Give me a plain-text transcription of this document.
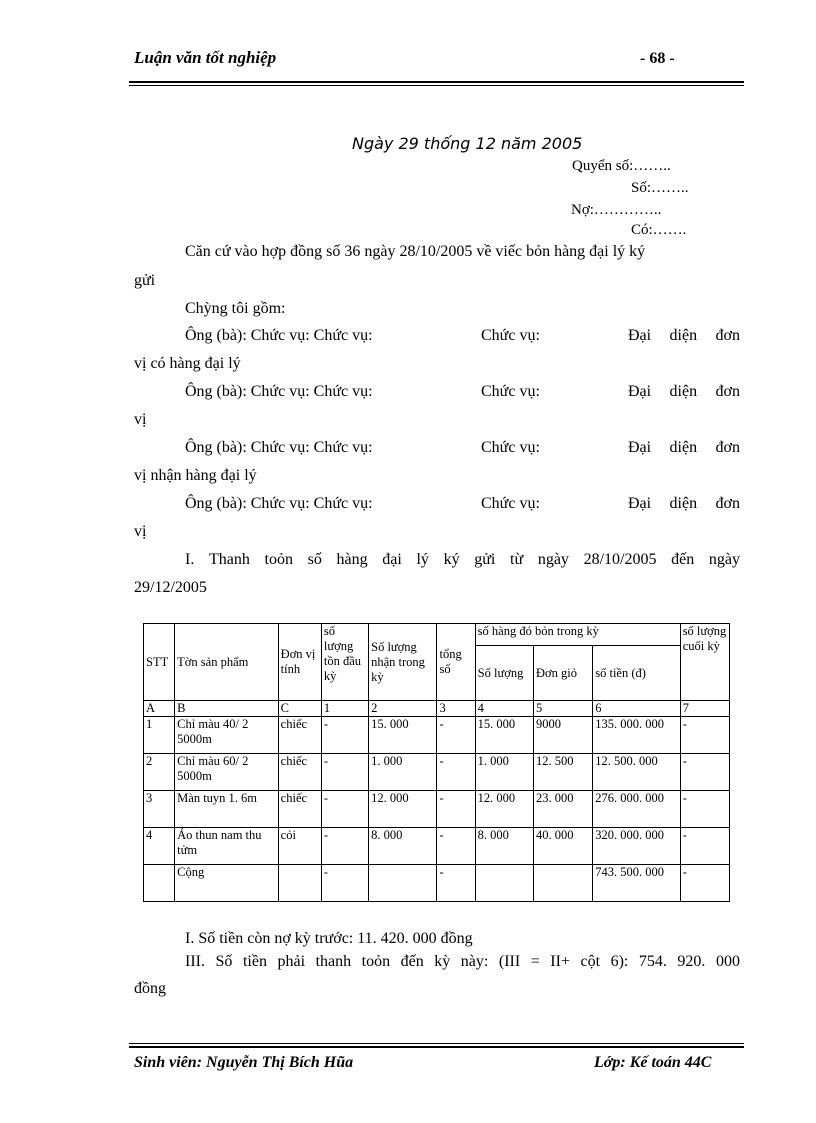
Luận văn tốt nghiệp	- 68 -
Ngày 29 thống 12 năm 2005
Quyển số:……..
Số:……..
Nợ:…………..
Có:…….
Căn cứ vào hợp đồng số 36 ngày 28/10/2005 về viếc bỏn hàng đại lý ký
gửi
Chỳng tôi gồm:
Ông (bà): Chức vụ: Chức vụ:	Chức vụ:	Đại diện đơn
vị có hàng đại lý
Ông (bà): Chức vụ: Chức vụ:	Chức vụ:	Đại diện đơn
vị
Ông (bà): Chức vụ: Chức vụ:	Chức vụ:	Đại diện đơn
vị nhận hàng đại lý
Ông (bà): Chức vụ: Chức vụ:	Chức vụ:	Đại diện đơn
vị
I. Thanh toỏn số hàng đại lý ký gửi từ ngày 28/10/2005 đến ngày
29/12/2005
STT	Tờn sản phẩm	Đơn vị tính	số lượng tồn đầu kỳ	Số lượng nhận trong kỳ	tổng số	số hàng đó bỏn trong kỳ			số lượng cuối kỳ
						Số lượng	Đơn giỏ	số tiền (đ)	
A	B	C	1	2	3	4	5	6	7
1	Chỉ màu 40/ 2 5000m	chiếc	-	15. 000	-	15. 000	9000	135. 000. 000	-
2	Chỉ màu 60/ 2 5000m	chiếc	-	1. 000	-	1. 000	12. 500	12. 500. 000	-
3	Màn tuyn 1. 6m	chiếc	-	12. 000	-	12. 000	23. 000	276. 000. 000	-
4	Áo thun nam thu tửm	cỏi	-	8. 000	-	8. 000	40. 000	320. 000. 000	-
	Cộng		-		-			743. 500. 000	-
I. Số tiền còn nợ kỳ trước: 11. 420. 000 đồng
III. Số tiền phải thanh toỏn đến kỳ này: (III = II+ cột 6): 754. 920. 000
đồng
Sinh viên: Nguyễn Thị Bích Hũa	Lớp: Kế toán 44C
